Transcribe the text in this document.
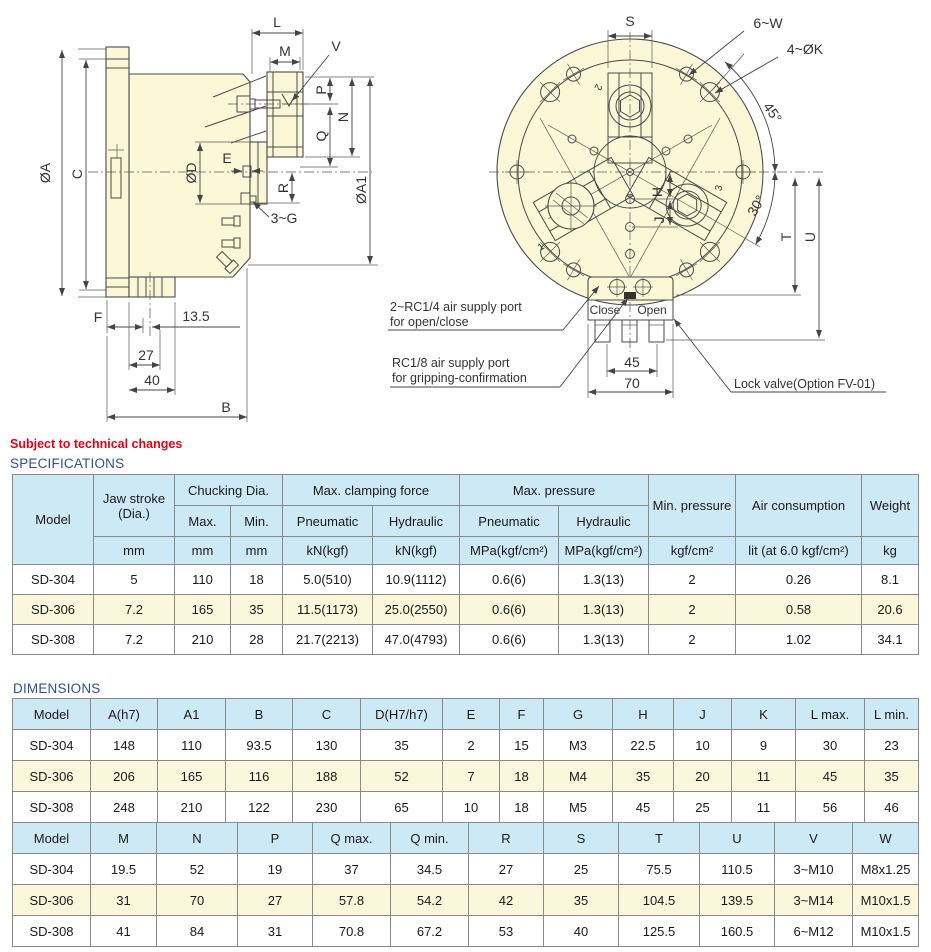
ØA C
L
M	V
P
N
Q
ØA1
ØD
E
R
3~G
F	13.5
27
40
B
2
3
1
S	6~W
4~ØK
45°
30°
T U
H
J
Close Open
45
70
2~RC1/4 air supply port
for open/close
RC1/8 air supply port
for gripping-confirmation	Lock valve(Option FV-01)
Subject to technical changes
SPECIFICATIONS
Model	Jaw stroke (Dia.)	Chucking Dia.		Max. clamping force		Max. pressure		Min. pressure	Air consumption	Weight
		Max.	Min.	Pneumatic	Hydraulic	Pneumatic	Hydraulic			
	mm	mm	mm	kN(kgf)	kN(kgf)	MPa(kgf/cm²)	MPa(kgf/cm²)	kgf/cm²	lit (at 6.0 kgf/cm²)	kg
SD-304	5	110	18	5.0(510)	10.9(1112)	0.6(6)	1.3(13)	2	0.26	8.1
SD-306	7.2	165	35	11.5(1173)	25.0(2550)	0.6(6)	1.3(13)	2	0.58	20.6
SD-308	7.2	210	28	21.7(2213)	47.0(4793)	0.6(6)	1.3(13)	2	1.02	34.1
DIMENSIONS
Model	A(h7)	A1	B	C	D(H7/h7)	E	F	G	H	J	K	L max.	L min.
SD-304	148	110	93.5	130	35	2	15	M3	22.5	10	9	30	23
SD-306	206	165	116	188	52	7	18	M4	35	20	11	45	35
SD-308	248	210	122	230	65	10	18	M5	45	25	11	56	46
Model	M	N	P	Q max.	Q min.	R	S	T	U	V	W
SD-304	19.5	52	19	37	34.5	27	25	75.5	110.5	3~M10	M8x1.25
SD-306	31	70	27	57.8	54.2	42	35	104.5	139.5	3~M14	M10x1.5
SD-308	41	84	31	70.8	67.2	53	40	125.5	160.5	6~M12	M10x1.5
